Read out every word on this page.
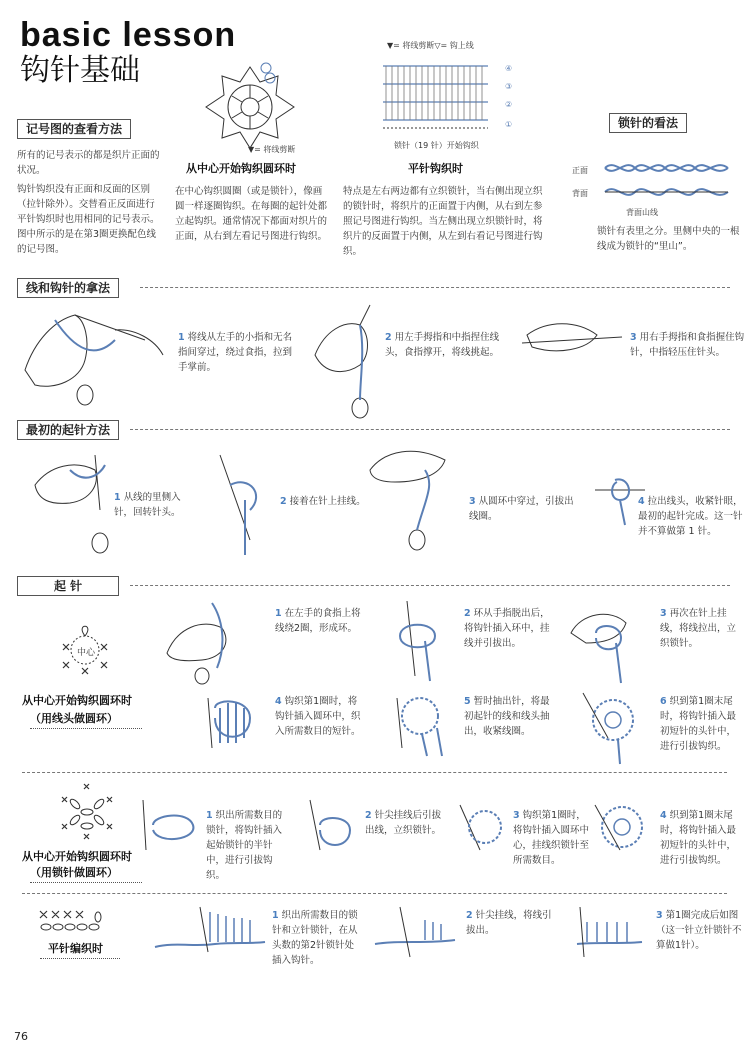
basic lesson
钩针基础
▼= 将线剪断
▼= 将线剪断▽= 钩上线
④
③
②
①
锁针（19 针）开始钩织
记号图的查看方法
所有的记号表示的都是织片正面的状况。
钩针钩织没有正面和反面的区别（拉针除外）。交替看正反面进行平针钩织时也用相同的记号表示。图中所示的是在第3圈更换配色线的记号图。
从中心开始钩织圆环时
在中心钩织圆圈（或是锁针），像画圆一样逐圈钩织。在每圈的起针处都立起钩织。通常情况下都面对织片的正面，从右到左看记号图进行钩织。
平针钩织时
特点是左右两边都有立织锁针，当右侧出现立织的锁针时，将织片的正面置于内侧，从右到左参照记号图进行钩织。当左侧出现立织锁针时，将织片的反面置于内侧，从左到右看记号图进行钩织。
锁针的看法
正面
背面
背面山线
锁针有表里之分。里侧中央的一根线成为锁针的“里山”。
线和钩针的拿法
1 将线从左手的小指和无名指间穿过，绕过食指，拉到手掌前。
2 用左手拇指和中指捏住线头，食指撑开，将线挑起。
3 用右手拇指和食指握住钩针，中指轻压住针头。
最初的起针方法
1 从线的里侧入针，回转针头。
2 接着在针上挂线。	3 从圆环中穿过，引拔出线圈。
4 拉出线头，收紧针眼，最初的起针完成。这一针并不算做第 1 针。
起 针
中心
从中心开始钩织圆环时
（用线头做圆环）
1 在左手的食指上将线绕2圈，形成环。
2 环从手指脱出后，将钩针插入环中，挂线并引拔出。
3 再次在针上挂线，将线拉出，立织锁针。
4 钩织第1圈时，将钩针插入圆环中，织入所需数目的短针。
5 暂时抽出针，将最初起针的线和线头抽出，收紧线圈。
6 织到第1圈末尾时，将钩针插入最初短针的头针中，进行引拔钩织。
从中心开始钩织圆环时
（用锁针做圆环）
1 织出所需数目的锁针，将钩针插入起始锁针的半针中，进行引拔钩织。
2 针尖挂线后引拔出线，立织锁针。
3 钩织第1圈时，将钩针插入圆环中心，挂线织锁针至所需数目。
4 织到第1圈末尾时，将钩针插入最初短针的头针中，进行引拔钩织。
平针编织时
1 织出所需数目的锁针和立针锁针，在从头数的第2针锁针处插入钩针。
2 针尖挂线，将线引拔出。
3 第1圈完成后如图（这一针立针锁针不算做1针）。
76
